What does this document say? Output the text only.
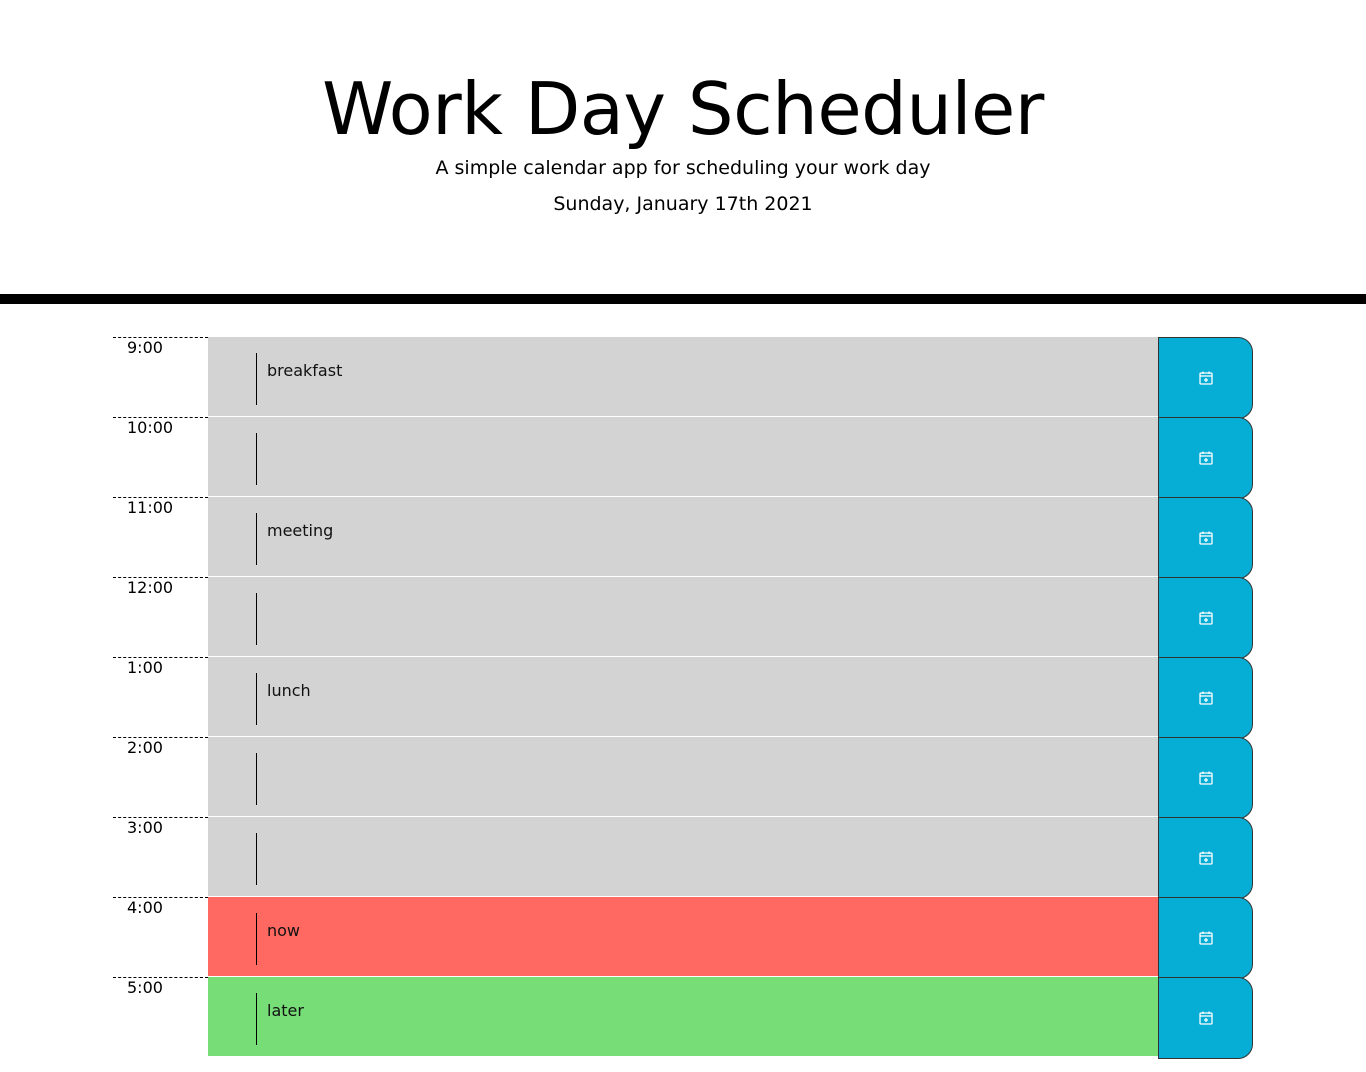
Work Day Scheduler

A simple calendar app for scheduling your work day

Sunday, January 17th 2021

9:00
breakfast
10:00
11:00
meeting
12:00
1:00
lunch
2:00
3:00
4:00
now
5:00
later
